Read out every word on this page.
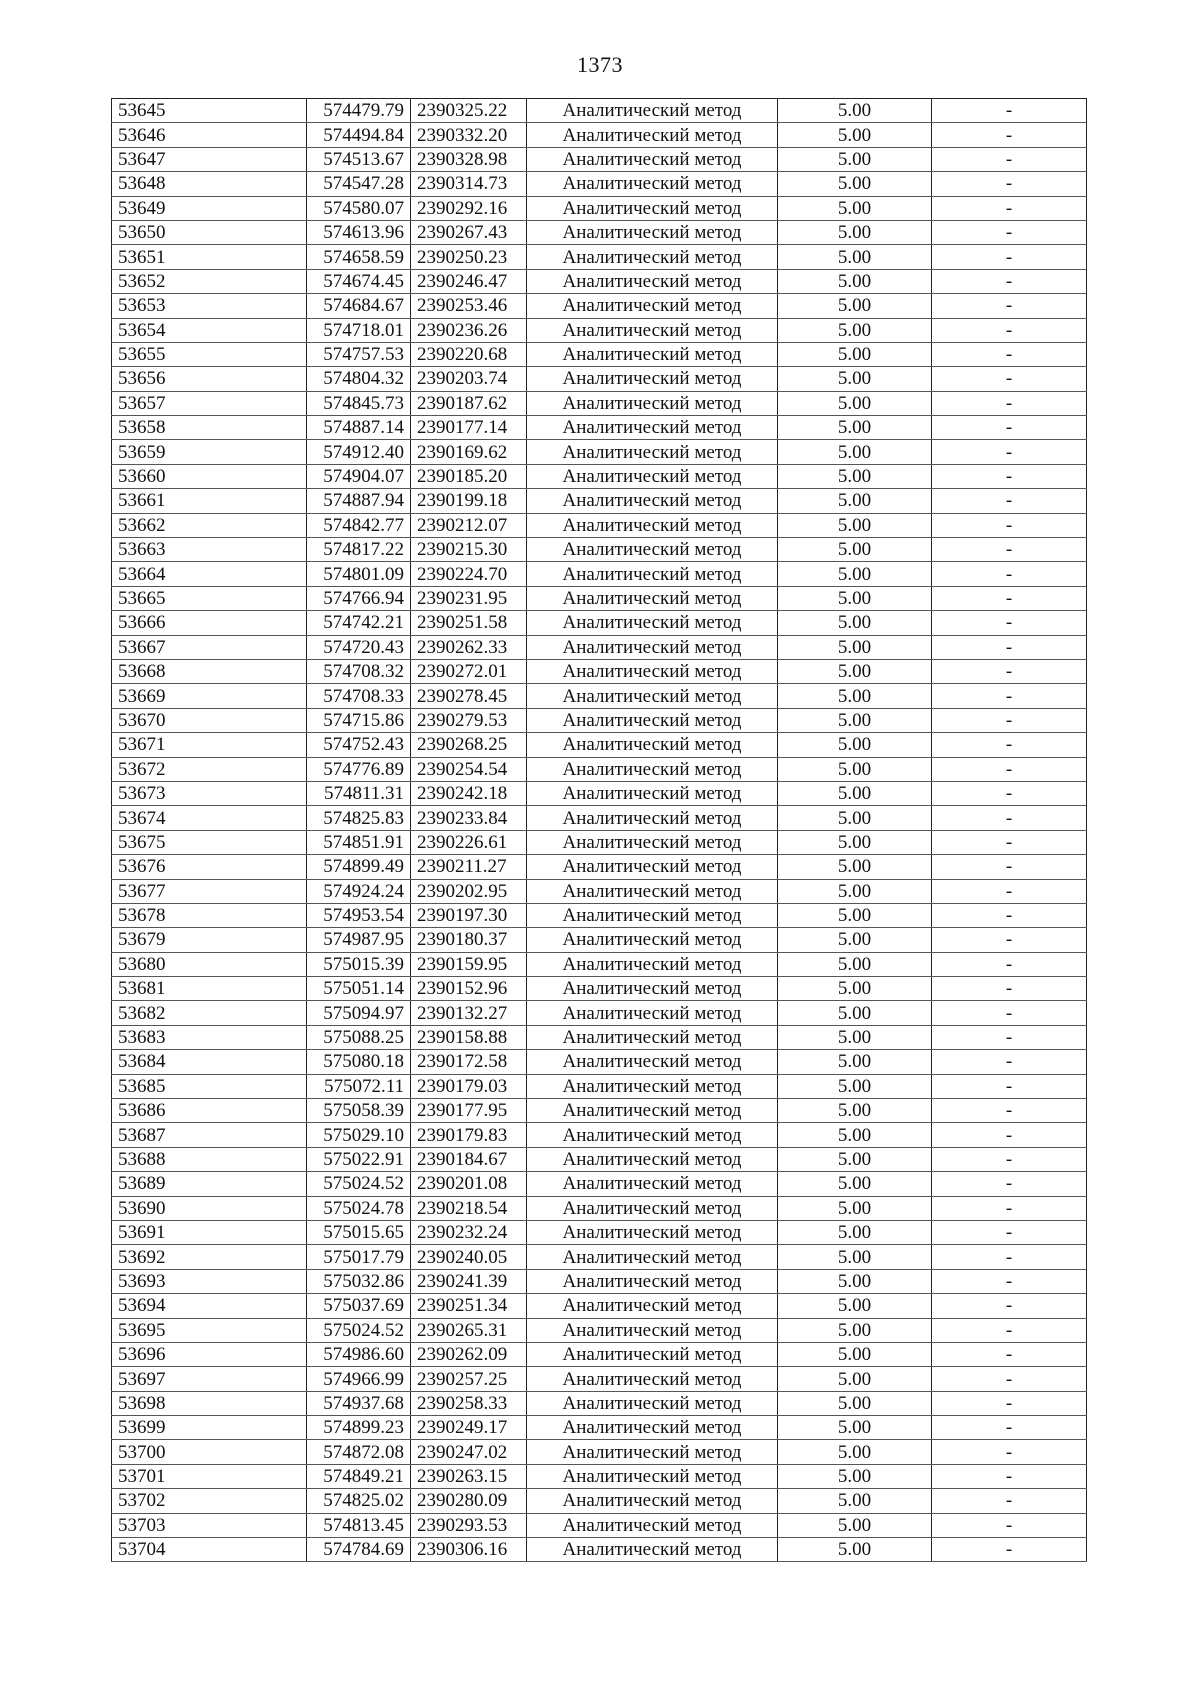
1373
53645	574479.79	2390325.22	Аналитический метод	5.00	-
53646	574494.84	2390332.20	Аналитический метод	5.00	-
53647	574513.67	2390328.98	Аналитический метод	5.00	-
53648	574547.28	2390314.73	Аналитический метод	5.00	-
53649	574580.07	2390292.16	Аналитический метод	5.00	-
53650	574613.96	2390267.43	Аналитический метод	5.00	-
53651	574658.59	2390250.23	Аналитический метод	5.00	-
53652	574674.45	2390246.47	Аналитический метод	5.00	-
53653	574684.67	2390253.46	Аналитический метод	5.00	-
53654	574718.01	2390236.26	Аналитический метод	5.00	-
53655	574757.53	2390220.68	Аналитический метод	5.00	-
53656	574804.32	2390203.74	Аналитический метод	5.00	-
53657	574845.73	2390187.62	Аналитический метод	5.00	-
53658	574887.14	2390177.14	Аналитический метод	5.00	-
53659	574912.40	2390169.62	Аналитический метод	5.00	-
53660	574904.07	2390185.20	Аналитический метод	5.00	-
53661	574887.94	2390199.18	Аналитический метод	5.00	-
53662	574842.77	2390212.07	Аналитический метод	5.00	-
53663	574817.22	2390215.30	Аналитический метод	5.00	-
53664	574801.09	2390224.70	Аналитический метод	5.00	-
53665	574766.94	2390231.95	Аналитический метод	5.00	-
53666	574742.21	2390251.58	Аналитический метод	5.00	-
53667	574720.43	2390262.33	Аналитический метод	5.00	-
53668	574708.32	2390272.01	Аналитический метод	5.00	-
53669	574708.33	2390278.45	Аналитический метод	5.00	-
53670	574715.86	2390279.53	Аналитический метод	5.00	-
53671	574752.43	2390268.25	Аналитический метод	5.00	-
53672	574776.89	2390254.54	Аналитический метод	5.00	-
53673	574811.31	2390242.18	Аналитический метод	5.00	-
53674	574825.83	2390233.84	Аналитический метод	5.00	-
53675	574851.91	2390226.61	Аналитический метод	5.00	-
53676	574899.49	2390211.27	Аналитический метод	5.00	-
53677	574924.24	2390202.95	Аналитический метод	5.00	-
53678	574953.54	2390197.30	Аналитический метод	5.00	-
53679	574987.95	2390180.37	Аналитический метод	5.00	-
53680	575015.39	2390159.95	Аналитический метод	5.00	-
53681	575051.14	2390152.96	Аналитический метод	5.00	-
53682	575094.97	2390132.27	Аналитический метод	5.00	-
53683	575088.25	2390158.88	Аналитический метод	5.00	-
53684	575080.18	2390172.58	Аналитический метод	5.00	-
53685	575072.11	2390179.03	Аналитический метод	5.00	-
53686	575058.39	2390177.95	Аналитический метод	5.00	-
53687	575029.10	2390179.83	Аналитический метод	5.00	-
53688	575022.91	2390184.67	Аналитический метод	5.00	-
53689	575024.52	2390201.08	Аналитический метод	5.00	-
53690	575024.78	2390218.54	Аналитический метод	5.00	-
53691	575015.65	2390232.24	Аналитический метод	5.00	-
53692	575017.79	2390240.05	Аналитический метод	5.00	-
53693	575032.86	2390241.39	Аналитический метод	5.00	-
53694	575037.69	2390251.34	Аналитический метод	5.00	-
53695	575024.52	2390265.31	Аналитический метод	5.00	-
53696	574986.60	2390262.09	Аналитический метод	5.00	-
53697	574966.99	2390257.25	Аналитический метод	5.00	-
53698	574937.68	2390258.33	Аналитический метод	5.00	-
53699	574899.23	2390249.17	Аналитический метод	5.00	-
53700	574872.08	2390247.02	Аналитический метод	5.00	-
53701	574849.21	2390263.15	Аналитический метод	5.00	-
53702	574825.02	2390280.09	Аналитический метод	5.00	-
53703	574813.45	2390293.53	Аналитический метод	5.00	-
53704	574784.69	2390306.16	Аналитический метод	5.00	-
